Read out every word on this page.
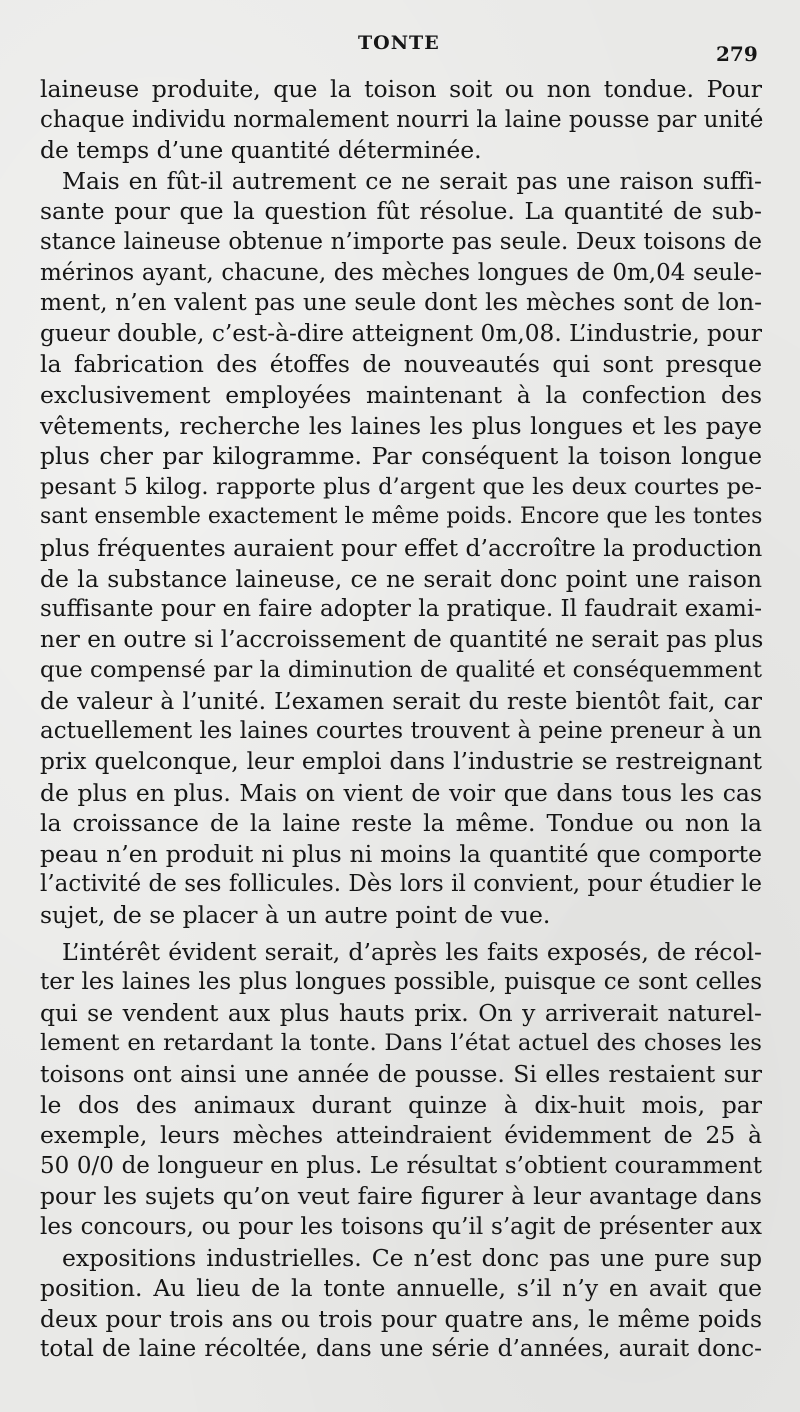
TONTE	279
laineuse produite, que la toison soit ou non tondue. Pour
chaque individu normalement nourri la laine pousse par unité
de temps d’une quantité déterminée.
Mais en fût-il autrement ce ne serait pas une raison suffi-
sante pour que la question fût résolue. La quantité de sub-
stance laineuse obtenue n’importe pas seule. Deux toisons de
mérinos ayant, chacune, des mèches longues de 0m,04 seule-
ment, n’en valent pas une seule dont les mèches sont de lon-
gueur double, c’est-à-dire atteignent 0m,08. L’industrie, pour
la fabrication des étoffes de nouveautés qui sont presque
exclusivement employées maintenant à la confection des
vêtements, recherche les laines les plus longues et les paye
plus cher par kilogramme. Par conséquent la toison longue
pesant 5 kilog. rapporte plus d’argent que les deux courtes pe-
sant ensemble exactement le même poids. Encore que les tontes
plus fréquentes auraient pour effet d’accroître la production
de la substance laineuse, ce ne serait donc point une raison
suffisante pour en faire adopter la pratique. Il faudrait exami-
ner en outre si l’accroissement de quantité ne serait pas plus
que compensé par la diminution de qualité et conséquemment
de valeur à l’unité. L’examen serait du reste bientôt fait, car
actuellement les laines courtes trouvent à peine preneur à un
prix quelconque, leur emploi dans l’industrie se restreignant
de plus en plus. Mais on vient de voir que dans tous les cas
la croissance de la laine reste la même. Tondue ou non la
peau n’en produit ni plus ni moins la quantité que comporte
l’activité de ses follicules. Dès lors il convient, pour étudier le
sujet, de se placer à un autre point de vue.
L’intérêt évident serait, d’après les faits exposés, de récol-
ter les laines les plus longues possible, puisque ce sont celles
qui se vendent aux plus hauts prix. On y arriverait naturel-
lement en retardant la tonte. Dans l’état actuel des choses les
toisons ont ainsi une année de pousse. Si elles restaient sur
le dos des animaux durant quinze à dix-huit mois, par
exemple, leurs mèches atteindraient évidemment de 25 à
50 0/0 de longueur en plus. Le résultat s’obtient couramment
pour les sujets qu’on veut faire figurer à leur avantage dans
les concours, ou pour les toisons qu’il s’agit de présenter aux
expositions industrielles. Ce n’est donc pas une pure sup
position. Au lieu de la tonte annuelle, s’il n’y en avait que
deux pour trois ans ou trois pour quatre ans, le même poids
total de laine récoltée, dans une série d’années, aurait donc-
